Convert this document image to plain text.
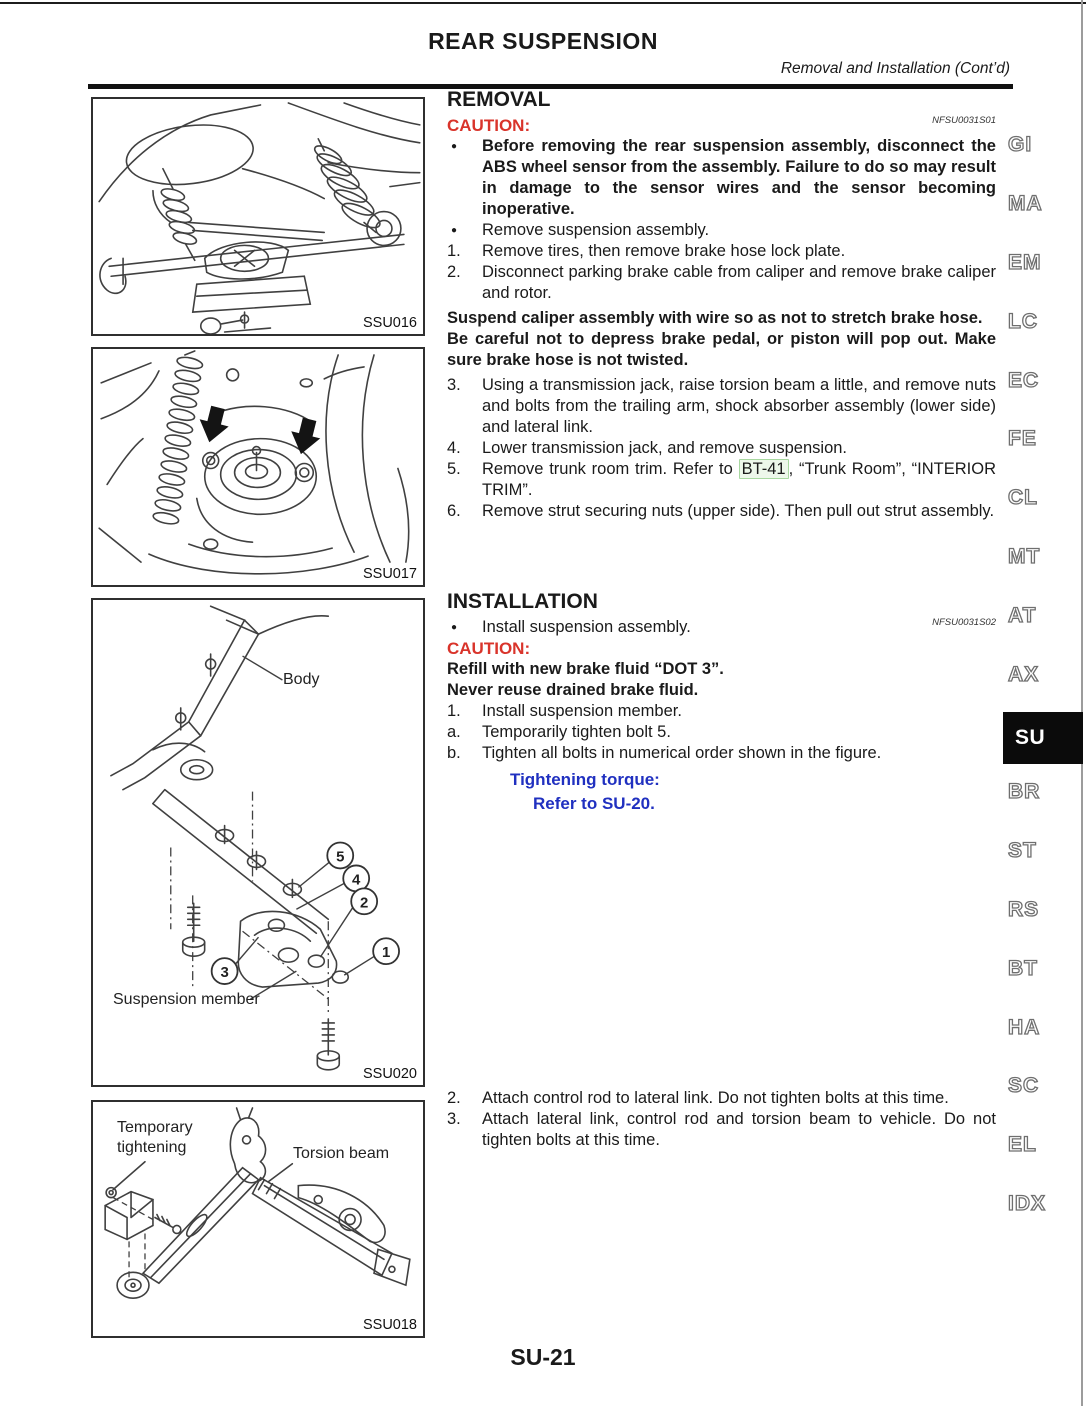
REAR SUSPENSION
Removal and Installation (Cont’d)
SSU016
SSU017
5
4
2
1
3
Body
Suspension member
SSU020
Temporary tightening	Torsion beam
SSU018
NFSU0031S01
REMOVAL
CAUTION:
●	Before removing the rear suspension assembly, disconnect the ABS wheel sensor from the assembly. Failure to do so may result in damage to the sensor wires and the sensor becoming inoperative.

●	Remove suspension assembly.

1.	Remove tires, then remove brake hose lock plate.

2.	Disconnect parking brake cable from caliper and remove brake caliper and rotor.

Suspend caliper assembly with wire so as not to stretch brake hose.

Be careful not to depress brake pedal, or piston will pop out. Make sure brake hose is not twisted.

3.	Using a transmission jack, raise torsion beam a little, and remove nuts and bolts from the trailing arm, shock absorber assembly (lower side) and lateral link.

4.	Lower transmission jack, and remove suspension.

5.	Remove trunk room trim. Refer to BT-41 , “Trunk Room”, “INTERIOR TRIM”.

6.	Remove strut securing nuts (upper side). Then pull out strut assembly.

NFSU0031S02
INSTALLATION
●	Install suspension assembly.

CAUTION:

Refill with new brake fluid “DOT 3”.

Never reuse drained brake fluid.

1.	Install suspension member.

a.	Temporarily tighten bolt 5.

b.	Tighten all bolts in numerical order shown in the figure.

Tightening torque:

Refer to SU-20.

2.	Attach control rod to lateral link. Do not tighten bolts at this time.

3.	Attach lateral link, control rod and torsion beam to vehicle. Do not tighten bolts at this time.

GI
MA
EM
LC
EC
FE
CL
MT
AT
AX
SU
BR
ST
RS
BT
HA
SC
EL
IDX
SU-21
